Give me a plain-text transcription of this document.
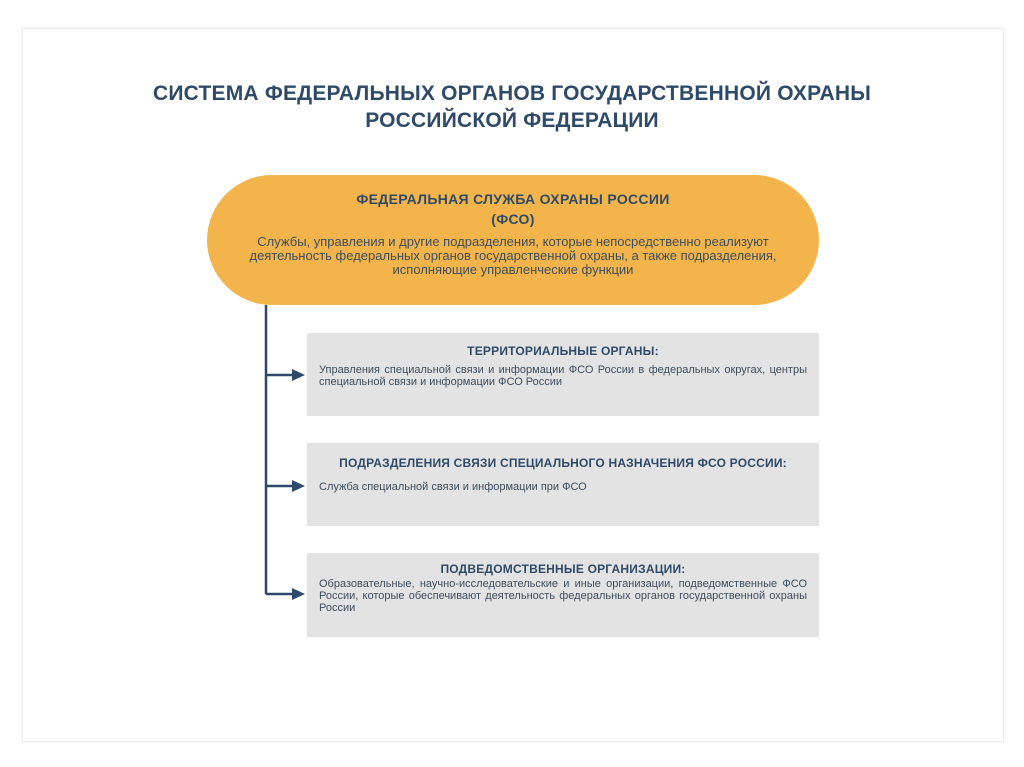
СИСТЕМА ФЕДЕРАЛЬНЫХ ОРГАНОВ ГОСУДАРСТВЕННОЙ ОХРАНЫ
РОССИЙСКОЙ ФЕДЕРАЦИИ
ФЕДЕРАЛЬНАЯ СЛУЖБА ОХРАНЫ РОССИИ
(ФСО)
Службы, управления и другие подразделения, которые непосредственно реализуют деятельность федеральных органов государственной охраны, а также подразделения, исполняющие управленческие функции
ТЕРРИТОРИАЛЬНЫЕ ОРГАНЫ:
Управления специальной связи и информации ФСО России в федеральных округах, центры специальной связи и информации ФСО России
ПОДРАЗДЕЛЕНИЯ СВЯЗИ СПЕЦИАЛЬНОГО НАЗНАЧЕНИЯ ФСО РОССИИ:
Служба специальной связи и информации при ФСО
ПОДВЕДОМСТВЕННЫЕ ОРГАНИЗАЦИИ:
Образовательные, научно-исследовательские и иные организации, подведомственные ФСО России, которые обеспечивают деятельность федеральных органов государственной охраны России
